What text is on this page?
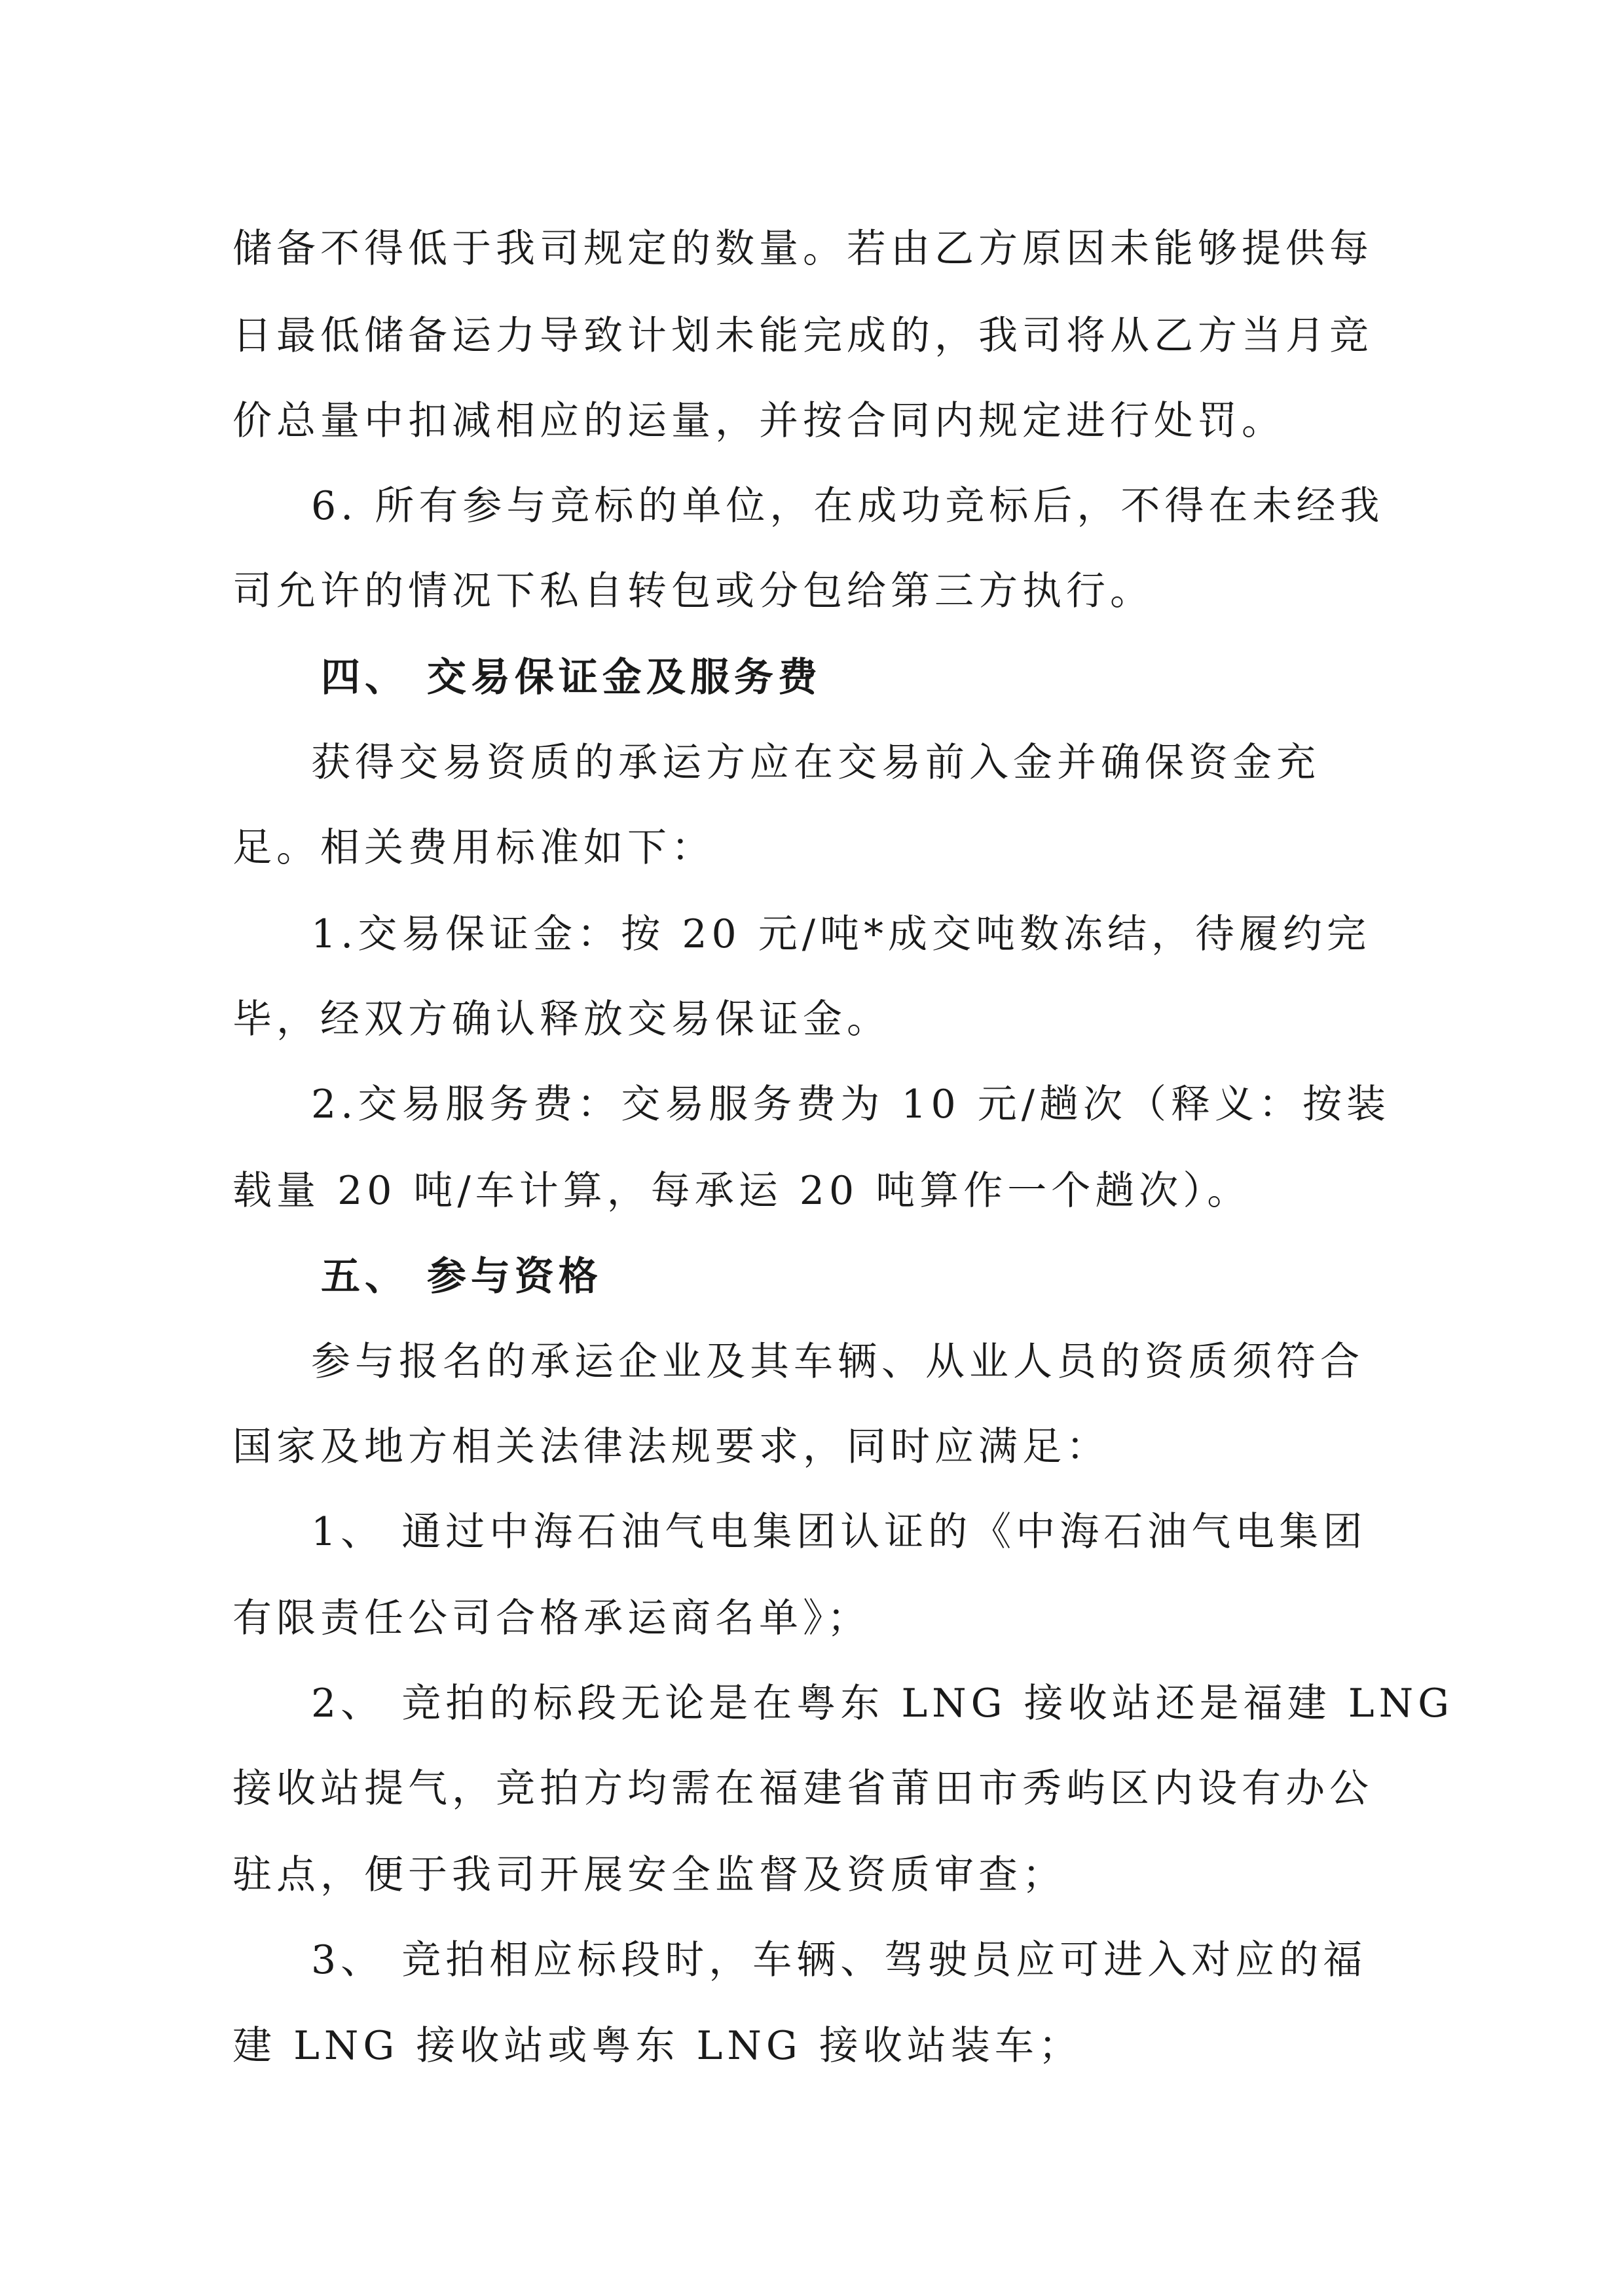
储备不得低于我司规定的数量。若由乙方原因未能够提供每
日最低储备运力导致计划未能完成的，我司将从乙方当月竞
价总量中扣减相应的运量，并按合同内规定进行处罚。
6. 所有参与竞标的单位，在成功竞标后，不得在未经我
司允许的情况下私自转包或分包给第三方执行。
四、 交易保证金及服务费
获得交易资质的承运方应在交易前入金并确保资金充
足。相关费用标准如下：
1.交易保证金：按 20 元/吨*成交吨数冻结，待履约完
毕，经双方确认释放交易保证金。
2.交易服务费：交易服务费为 10 元/趟次（释义：按装
载量 20 吨/车计算，每承运 20 吨算作一个趟次）。
五、 参与资格
参与报名的承运企业及其车辆、从业人员的资质须符合
国家及地方相关法律法规要求，同时应满足：
1、 通过中海石油气电集团认证的《中海石油气电集团
有限责任公司合格承运商名单》；
2、 竞拍的标段无论是在粤东 LNG 接收站还是福建 LNG
接收站提气，竞拍方均需在福建省莆田市秀屿区内设有办公
驻点，便于我司开展安全监督及资质审查；
3、 竞拍相应标段时，车辆、驾驶员应可进入对应的福
建 LNG 接收站或粤东 LNG 接收站装车；
